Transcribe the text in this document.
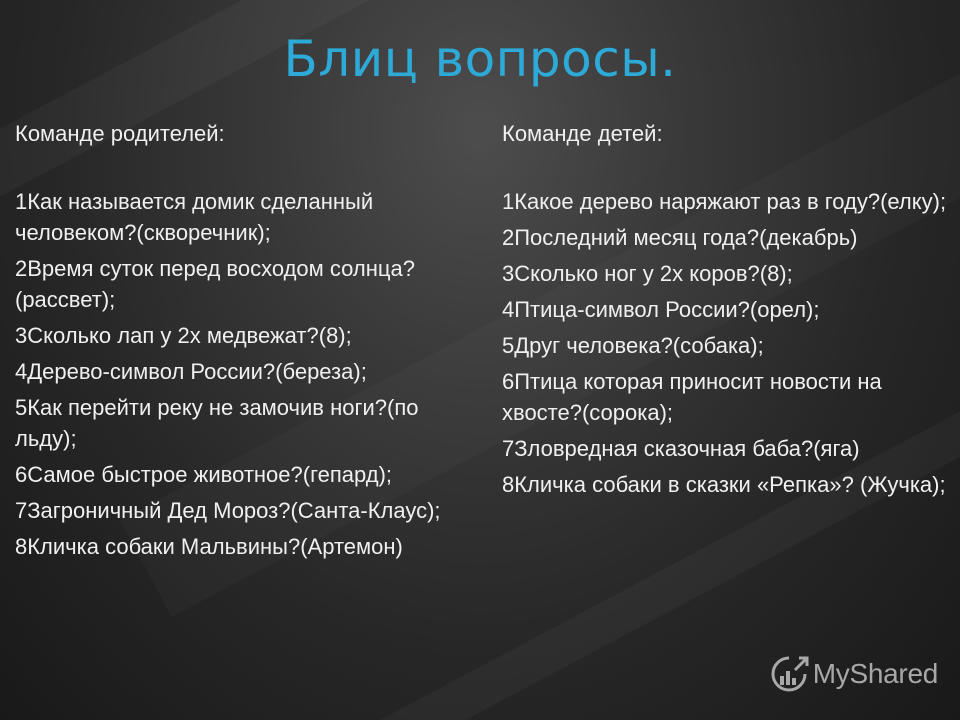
Блиц вопросы.
Команде родителей:
1Как называется домик сделанный человеком?(скворечник);
2Время суток перед восходом солнца?(рассвет);
3Сколько лап у 2х медвежат?(8);
4Дерево-символ России?(береза);
5Как перейти реку не замочив ноги?(по льду);
6Самое быстрое животное?(гепард);
7Загроничный Дед Мороз?(Санта-Клаус);
8Кличка собаки Мальвины?(Артемон)
Команде детей:
1Какое дерево наряжают раз в году?(елку);
2Последний месяц года?(декабрь)
3Сколько ног у 2х коров?(8);
4Птица-символ России?(орел);
5Друг человека?(собака);
6Птица которая приносит новости на хвосте?(сорока);
7Зловредная сказочная баба?(яга)
8Кличка собаки в сказки «Репка»? (Жучка);
MyShared
